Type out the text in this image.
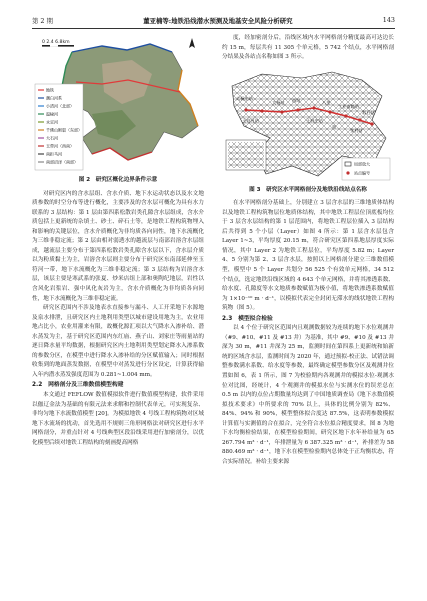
第 2 期	董亚楠等:地铁沿线潜水预测及地基安全风险分析研究	143
0 2.4 6.8km
地铁
潮白河系
小清河（北部）
温榆河
永定河
千佛山断裂（东部）
大石河
玉带河（西南）
南拒马河
南部沼泽（南部）
图 2　研究区概化边界条件示意

对研究区内的含水层组、含水介质、地下水运动状态以及水文地质参数的时空分布等进行概化，主要涉及的含水层可概化为具有水力联系的 3 层结构：第 1 层由第四系松散岩类孔隙含水层组成，含水介质包括上更新统的杂填土、砂土、碎石土等，是地铁工程构筑物埋入和影响的关键层位，含水介质概化为非均质各向同性，地下水流概化为三维非稳定流；第 2 层由相对弱透水的越流层与南部岩溶含水层组成，越流层主要分布于第四系松散岩类孔隙含水层以下，含水层介质以为粉质黏土为主，岩溶含水层则主要分布于研究区东南部延伸至玉符河一带，地下水流概化为三维非稳定流；第 3 层结构为岩溶含水层，该层主要是寒武系的张夏、炒米店组上部和奥陶纪地层，岩性以含风化岩浆岩、强中风化灰岩为主，含水介质概化为非均质各向同性，地下水流概化为三维非稳定流。

研究区范围内不涉及地表水直接参与漏斗、人工开采地下水源地及泉水排泄，且研究区内土地利用类型以城市建设用地为主，农业用地占比小，农业用灌来有限，故概化源汇项以大气降水入渗补给、潜水蒸发为主，基于研究区范围内东红庙、燕子山、刘家庄等雨量站的逐日降水量平均数据，根据研究区内土地利用类型划定降水入渗系数的参数分区，在模型中进行降水入渗补给的分区赋值输入；同时根据收集到的地面蒸发数据，在模型中对蒸发进行分区设定，计算获得输入年内潜水蒸发强度范围为 0.281~1.004 mm。

2.2　网格剖分及三维数值模型构建

本文通过 FEFLOW 数值模拟软件进行数值模型构建，软件采用以伽辽金法为基础的有限元法来求解和控制代表单元，可实现复杂、非均匀地下水流数值模型 [20]。为模拟地铁 4 号线工程构筑物对区域地下水流场的扰动，首先选用不规则三角形网格法对研究区进行水平网格剖分，并重点针对 4 号线典型区段沿线采用进行加密剖分，以优化模型后续对地铁工程结构的刻画提高网格

度，经加密剖分后，沿线区域内水平网格剖分精度最高可达边长约 15 m，每层共有 11 305 个单元格，5 742 个结点，水平网格剖分结果及各站点名称如图 3 所示。

大杨庄站
玉符河站
大杨站 西站
王府庄站
八里
站
工业南路站
张村站
彩石站
局部放大
站点编号
图 3　研究区水平网格剖分及地铁沿线站点名称

在水平网格剖分基础上，分别建立 3 层含水层的三维地质体结构以及地铁工程构筑物层位地质体结构，其中地铁工程层位顶底板均位于 3 层含水层结构的第 1 层范围内，将地铁工程层位插入 3 层结构后共得到 5 个小层（Layer）如图 4 所示：第 1 层含水层包含 Layer 1~3，平均厚度 20.15 m，符合研究区第四系地层厚度实际情况，其中 Layer 2 为地铁工程层位，平均厚度 5.82 m；Layer 4、5 分别为第 2、3 层含水层，按照以上网格剖分建立三维数值模型，模型中 5 个 Layer 共划分 56 525 个有效单元网格，34 512 个结点，选定地铁沿线区域的 4 643 个单元网格，并将其渗透系数、给水度、孔隙度等水文地质参数赋值为极小值，将地铁渗透系数赋值为 1×10⁻¹⁰ m · d⁻¹，以模拟代表完全封闭无滞水的线状地铁工程构筑物（图 5）。

2.3　模型拟合检验

以 4 个位于研究区范围内且观测数据较为连续的地下水位观测井（#9、#10、#11 及 #13 井）为基准，其中 #9、#10 及 #13 井深为 30 m，#11 井深为 25 m，监测时间在第四系上更新统和始新统的区域含水层，监测时间为 2020 年，通过预拟-校正法、试错法调整参数满水系数、给水度等参数，最终确定模型参数分区及观测井位置如图 6，表 1 所示，图 7 为校验期内各观测井的模拟水位-观测水位对比图，经统计，4 个观测井的模拟水位与实测水位的误差总在 0.5 m 以内的点位占期数量均达到了中国地质调查局《地下水数值模拟技术要求》中所要求的 70% 以上，具体的比例分别为 82%、84%、94% 和 90%，模型整体拟合度达 87.5%，这表明参数模拟计算值与实测值的合在拟合，完全符合水位拟合精度要求，图 8 为地下水均衡检验结果，在模型检验期间，研究区地下水年补给量为 65 267.794 m³ · d⁻¹，年排泄量为 6 387.325 m³ · d⁻¹，补排差为 58 880.469 m³ · d⁻¹，地下水在模型检验期内总体处于正均衡状态，符合实际情况。补给主要来源
